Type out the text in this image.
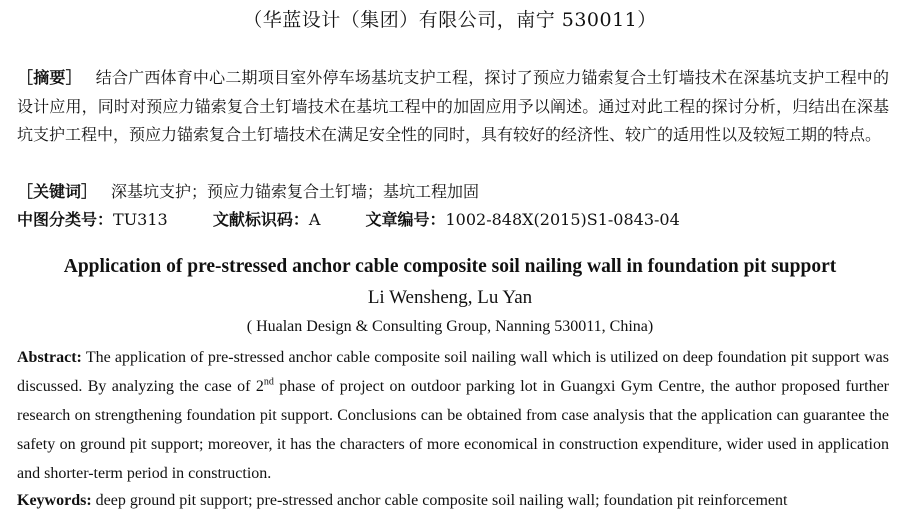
（华蓝设计（集团）有限公司，南宁 530011）
［摘要］ 结合广西体育中心二期项目室外停车场基坑支护工程，探讨了预应力锚索复合土钉墙技术在深基坑支护工程中的设计应用，同时对预应力锚索复合土钉墙技术在基坑工程中的加固应用予以阐述。通过对此工程的探讨分析，归结出在深基坑支护工程中，预应力锚索复合土钉墙技术在满足安全性的同时，具有较好的经济性、较广的适用性以及较短工期的特点。
［关键词］ 深基坑支护；预应力锚索复合土钉墙；基坑工程加固
中图分类号：TU313	文献标识码：A	文章编号：1002-848X(2015)S1-0843-04
Application of pre-stressed anchor cable composite soil nailing wall in foundation pit support
Li Wensheng, Lu Yan
( Hualan Design & Consulting Group, Nanning 530011, China)
Abstract: The application of pre-stressed anchor cable composite soil nailing wall which is utilized on deep foundation pit support was discussed. By analyzing the case of 2nd phase of project on outdoor parking lot in Guangxi Gym Centre, the author proposed further research on strengthening foundation pit support. Conclusions can be obtained from case analysis that the application can guarantee the safety on ground pit support; moreover, it has the characters of more economical in construction expenditure, wider used in application and shorter-term period in construction.
Keywords: deep ground pit support; pre-stressed anchor cable composite soil nailing wall; foundation pit reinforcement
